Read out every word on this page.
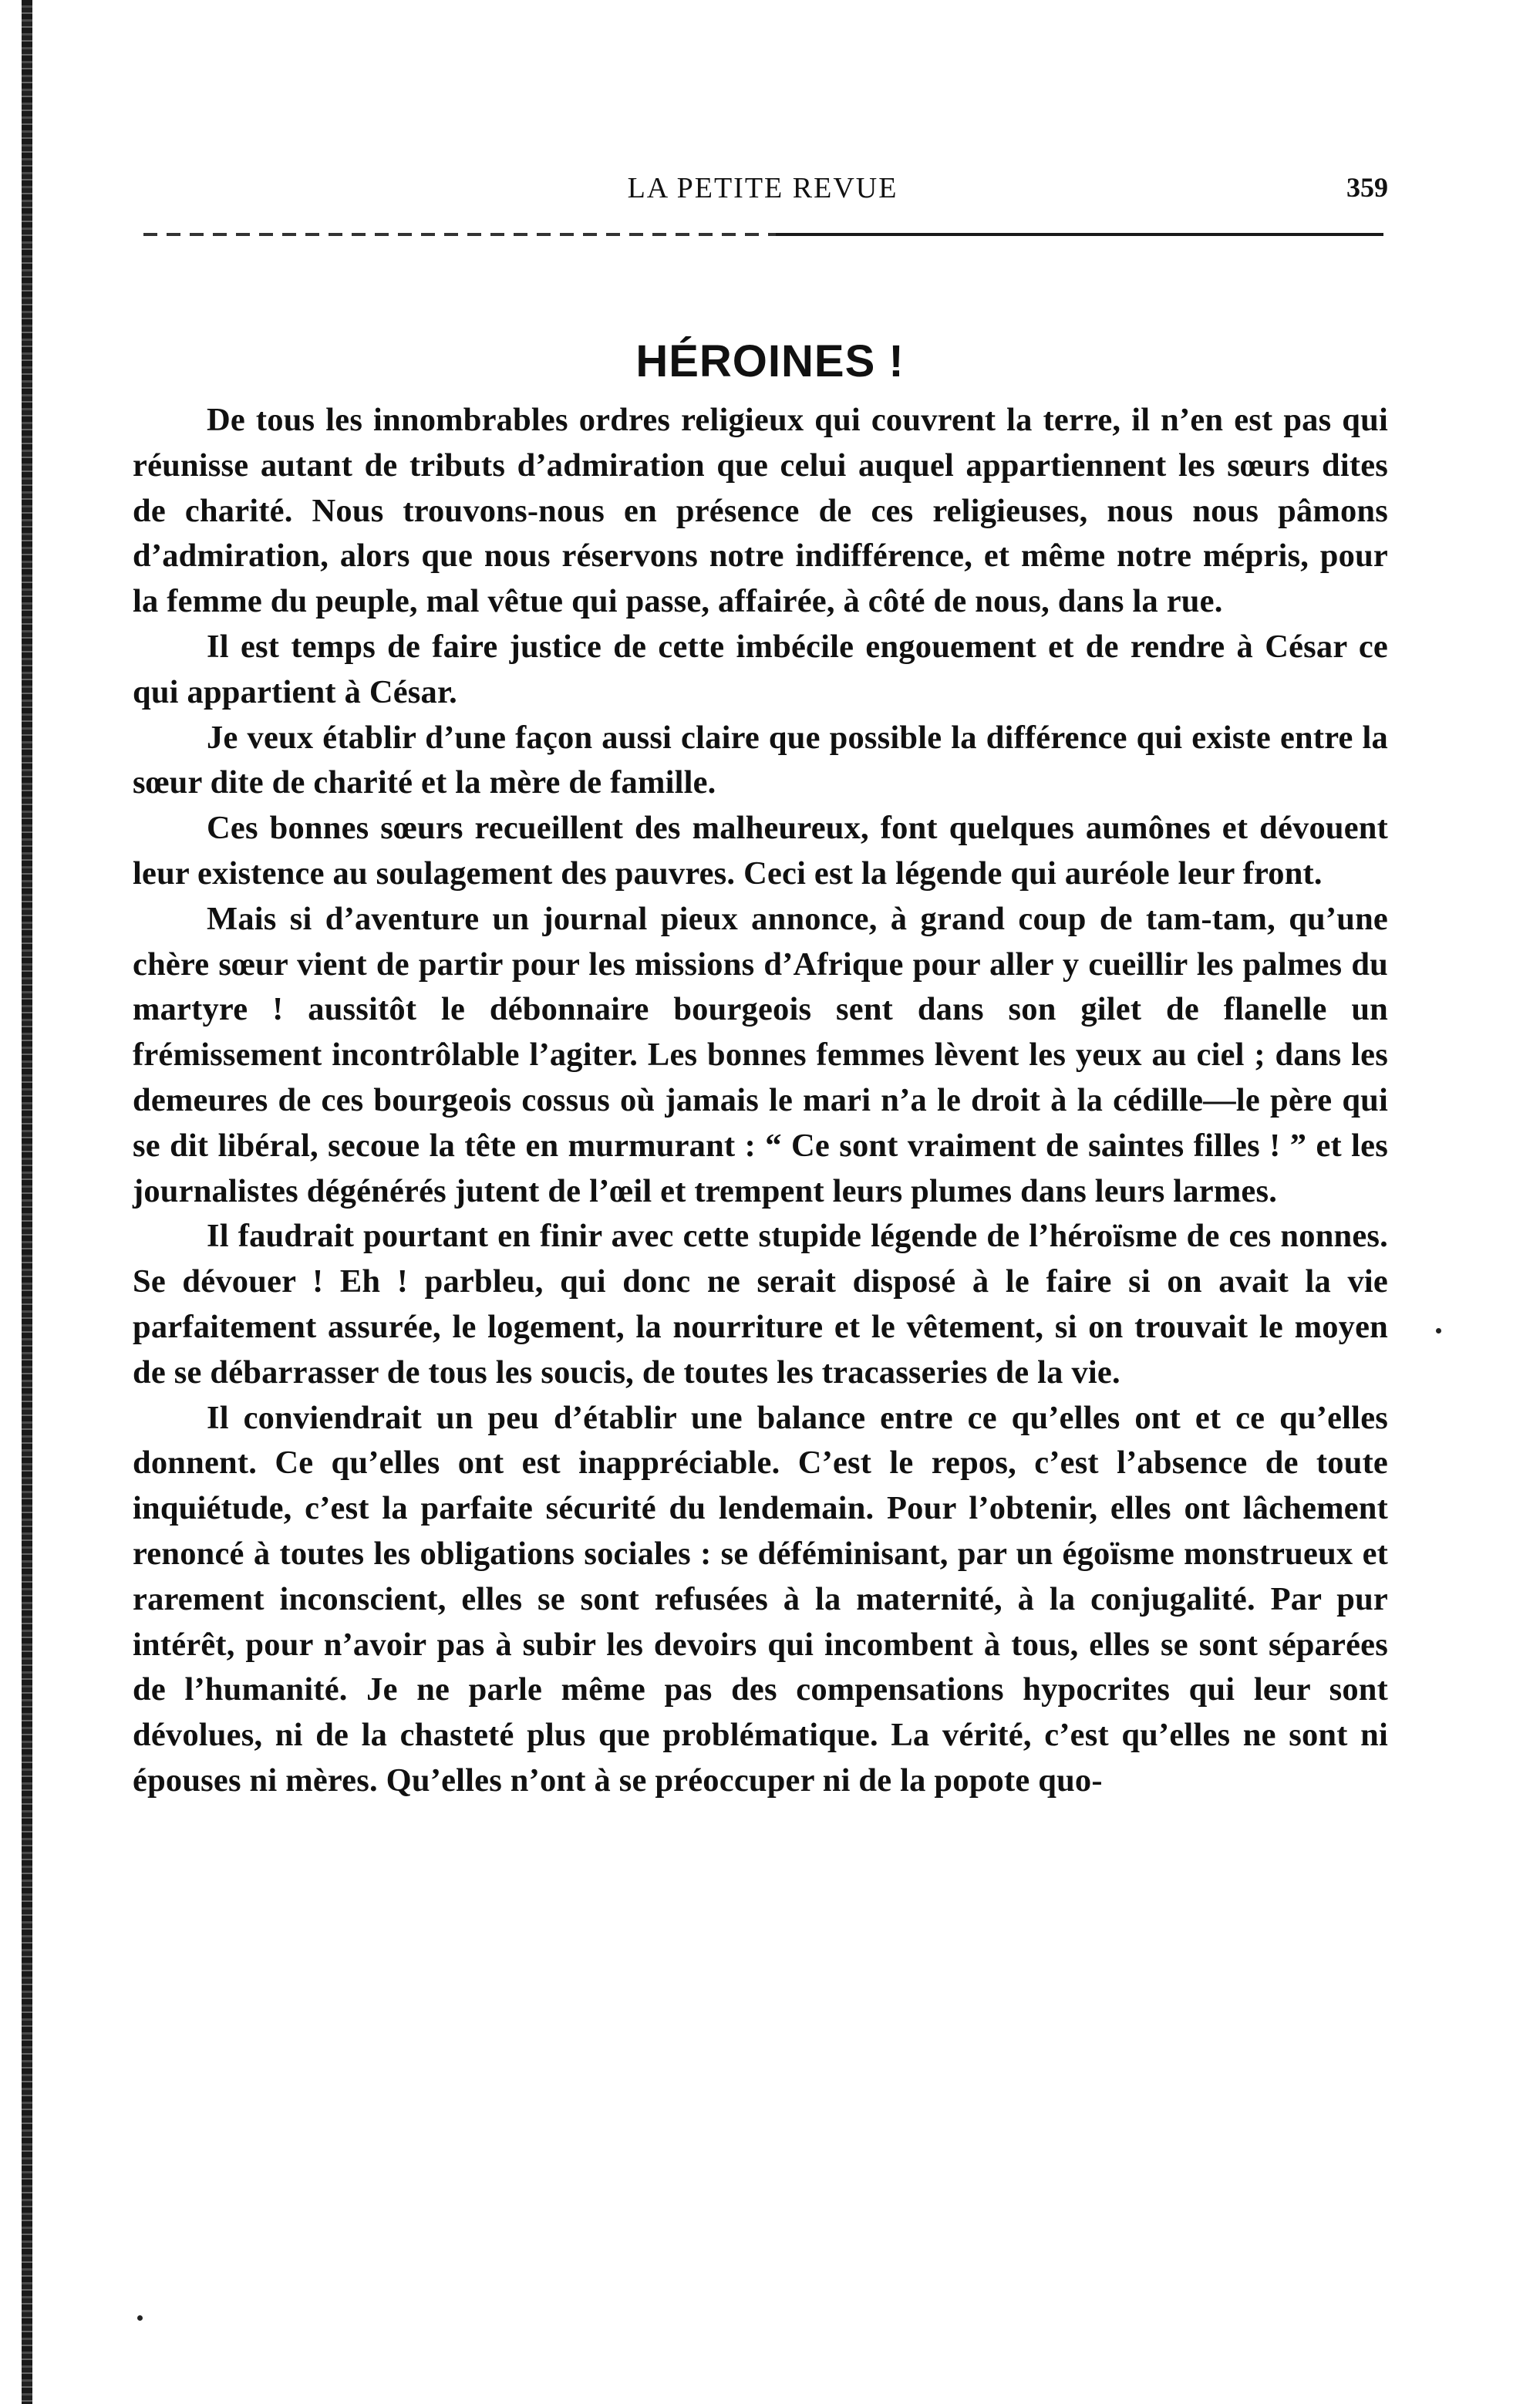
LA PETITE REVUE	359
HÉROINES !

De tous les innombrables ordres religieux qui couvrent la terre, il n’en est pas qui réunisse autant de tributs d’admiration que celui auquel appartiennent les sœurs dites de charité. Nous trouvons-nous en présence de ces religieuses, nous nous pâmons d’admiration, alors que nous réservons notre indifférence, et même notre mépris, pour la femme du peuple, mal vêtue qui passe, affairée, à côté de nous, dans la rue.

Il est temps de faire justice de cette imbécile engouement et de rendre à César ce qui appartient à César.

Je veux établir d’une façon aussi claire que possible la différence qui existe entre la sœur dite de charité et la mère de famille.

Ces bonnes sœurs recueillent des malheureux, font quelques aumônes et dévouent leur existence au soulagement des pauvres. Ceci est la légende qui auréole leur front.

Mais si d’aventure un journal pieux annonce, à grand coup de tam-tam, qu’une chère sœur vient de partir pour les missions d’Afrique pour aller y cueillir les palmes du martyre ! aussitôt le débonnaire bourgeois sent dans son gilet de flanelle un frémissement incontrôlable l’agiter. Les bonnes femmes lèvent les yeux au ciel ; dans les demeures de ces bourgeois cossus où jamais le mari n’a le droit à la cédille—le père qui se dit libéral, secoue la tête en murmurant : “ Ce sont vraiment de saintes filles ! ” et les journalistes dégénérés jutent de l’œil et trempent leurs plumes dans leurs larmes.

Il faudrait pourtant en finir avec cette stupide légende de l’héroïsme de ces nonnes. Se dévouer ! Eh ! parbleu, qui donc ne serait disposé à le faire si on avait la vie parfaitement assurée, le logement, la nourriture et le vêtement, si on trouvait le moyen de se débarrasser de tous les soucis, de toutes les tracasseries de la vie.

Il conviendrait un peu d’établir une balance entre ce qu’elles ont et ce qu’elles donnent. Ce qu’elles ont est inappréciable. C’est le repos, c’est l’absence de toute inquiétude, c’est la parfaite sécurité du lendemain. Pour l’obtenir, elles ont lâchement renoncé à toutes les obligations sociales : se déféminisant, par un égoïsme monstrueux et rarement inconscient, elles se sont refusées à la maternité, à la conjugalité. Par pur intérêt, pour n’avoir pas à subir les devoirs qui incombent à tous, elles se sont séparées de l’humanité. Je ne parle même pas des compensations hypocrites qui leur sont dévolues, ni de la chasteté plus que problématique. La vérité, c’est qu’elles ne sont ni épouses ni mères. Qu’elles n’ont à se préoccuper ni de la popote quo-
